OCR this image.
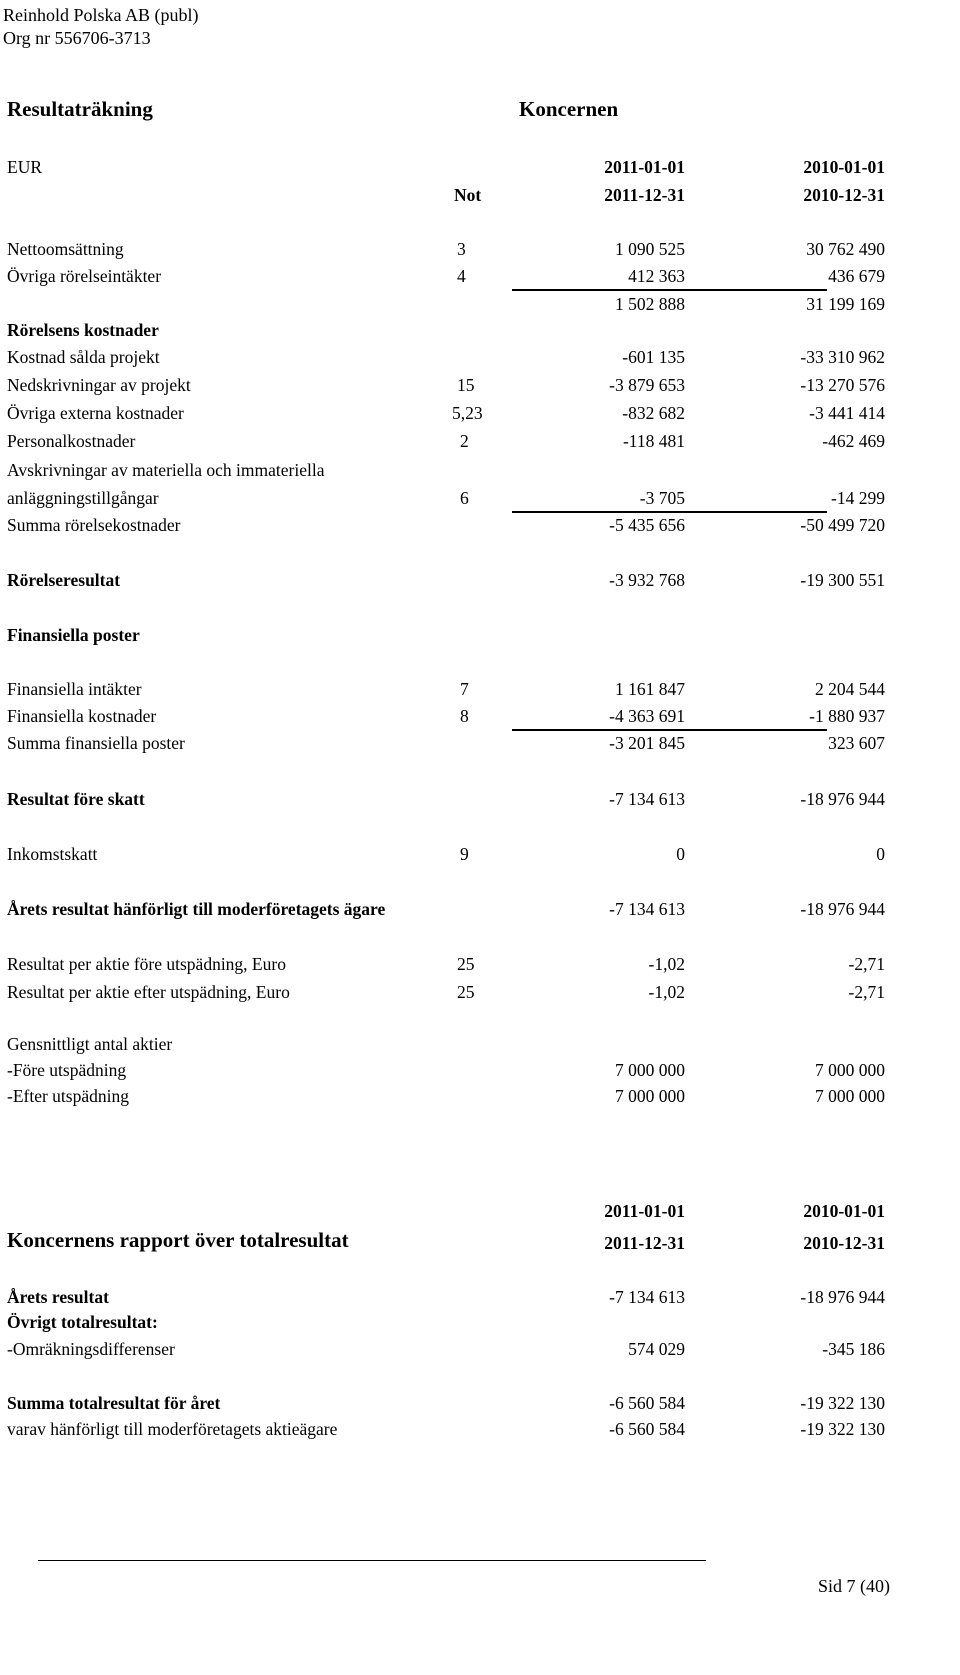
Reinhold Polska AB (publ)
Org nr 556706-3713
Resultaträkning	Koncernen
EUR	2011-01-01	2010-01-01
Not	2011-12-31	2010-12-31
Nettoomsättning	3	1 090 525	30 762 490
Övriga rörelseintäkter	4	412 363	436 679
1 502 888	31 199 169
Rörelsens kostnader
Kostnad sålda projekt	-601 135	-33 310 962
Nedskrivningar av projekt	15	-3 879 653	-13 270 576
Övriga externa kostnader	5,23	-832 682	-3 441 414
Personalkostnader	2	-118 481	-462 469
Avskrivningar av materiella och immateriella
anläggningstillgångar	6	-3 705	-14 299
Summa rörelsekostnader	-5 435 656	-50 499 720
Rörelseresultat	-3 932 768	-19 300 551
Finansiella poster
Finansiella intäkter	7	1 161 847	2 204 544
Finansiella kostnader	8	-4 363 691	-1 880 937
Summa finansiella poster	-3 201 845	323 607
Resultat före skatt	-7 134 613	-18 976 944
Inkomstskatt	9	0	0
Årets resultat hänförligt till moderföretagets ägare	-7 134 613	-18 976 944
Resultat per aktie före utspädning, Euro	25	-1,02	-2,71
Resultat per aktie efter utspädning, Euro	25	-1,02	-2,71
Gensnittligt antal aktier
-Före utspädning	7 000 000	7 000 000
-Efter utspädning	7 000 000	7 000 000
2011-01-01	2010-01-01
Koncernens rapport över totalresultat	2011-12-31	2010-12-31
Årets resultat	-7 134 613	-18 976 944
Övrigt totalresultat:
-Omräkningsdifferenser	574 029	-345 186
Summa totalresultat för året	-6 560 584	-19 322 130
varav hänförligt till moderföretagets aktieägare	-6 560 584	-19 322 130
Sid 7 (40)
